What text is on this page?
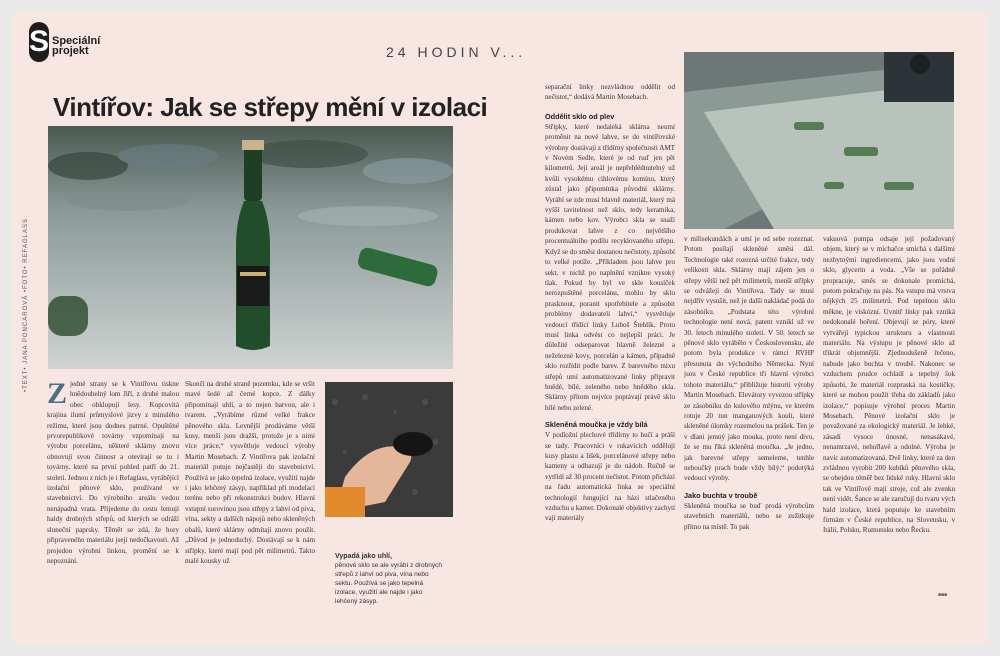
S Speciální projekt	24 HODIN V...
Vintířov: Jak se střepy mění v izolaci
•TEXT• JANA PONCAROVÁ •FOTO• REFAGLASS
Z jedné strany se k Vintířovu tiskne hnědouhelný lom Jiří, z druhé malou obec obklopují lesy. Kopcovitá krajina ilumí průmyslové jizvy z minulého režimu, které jsou dodnes patrné. Opuštěné prvorepublikové továrny vzpomínají na výrobu porcelánu, některé sklárny znovu obnovují svou činnost a otevírají se tu i továrny, které na první pohled patří do 21. století. Jednou z nich je i Refaglass, vyrábějící izolační pěnové sklo, používané ve stavebnictví. Do výrobního areálu vedou nenápadná vrata. Přijedeme do cestu lemují haldy drobných střepů, od kterých se odráží sluneční paprsky. Těmět se zdá, že hory připraveného materiálu jsejí nedočkavosti. Až projedou výrobní linkou, promění se k nepoznání.
Skončí na druhé straně pozemku, kde se vršit mavé šedé až černé kopce. Z dálky připomínají uhlí, a to nejen barvou, ale i tvarem. „Vyrábíme různé velké frakce pěnového skla. Levnější prodáváme větší kusy, menší jsou dražší, protože je s nimi více práce,“ vysvětluje vedoucí výroby Martin Mosebach. Z Vintířova pak izolační materiál putuje nejčastěji do stavebnictví. Používá se jako tepelná izolace, využití najde i jako lehčený zásyp, například při modelaci terénu nebo při rekonstrukci budov. Hlavní vstupní surovinou jsou střepy z lahví od piva, vína, sekty a dalších nápojů nebo skleněných obalů, které sklárny odmítají znovu použít. „Důvod je jednoduchý. Dostávají se k nám střípky, které mají pod pět milimetrů. Takto malé kousky už
Vypadá jako uhlí,
pěnové sklo se ale vyrábí z drobných střepů z lahví od piva, vína nebo sektu. Používá se jako tepelná izolace, využití ale najde i jako lehčený zásyp.
separační linky nezvládnou oddělit od nečistot,“ dodává Martin Mosebach.
Oddělit sklo od plev
Střípky, které nedaleká sklárna neumí proměnit na nové lahve, se do vintířovské výrobny dostávají z třídírny společnosti AMT v Novém Sedle, které je od ruď jen pět kilometrů. Její areál je nepřehlédnutelný už kvůli vysokému cihlovému komínu, který zůstal jako připomínka původní sklárny. Vyrábí se zde musí hlavně materiál, který má vyšší tavitelnost než sklo, tedy keramika, kámen nebo kov. Výrobci skla se snaží produkovat lahve z co největšího procentuálního podílu recyklovaného střepu. Když se do směsi dostanou nečistoty, způsobí to velké potíže. „Příkladem jsou lahve pro sekt, v nichž po naplnění vznikne vysoký tlak. Pokud by byl ve skle kousíček nerozpuštěné porcelánu, mohlo by sklo prasknout, poranit spotřebitele a způsobit problémy dodavateli lahví,“ vysvětluje vedoucí třídící linky Luboš Štehlík. Proto musí linka odvést co nejlepší práci. Je důležité odseparovat hlavně železné a neželezné kovy, porcelán a kámen, případně sklo rozřídit podle barev. Z barevného mixu střepů umí automatizované linky připravit hnědé, bílé, zeleného nebo hnědého skla. Sklárny přitom nejvíce poptávají právě sklo bílé nebo zelené.
Skleněná moučka je vždy bílá
V podložní plechové třídírny to hučí a práší se tady. Pracovníci v rukavicích oddělují kusy plastu a lišek, porcelánové střepy nebo kameny a odhazují je do nádob. Ručně se vytřídí až 30 procent nečistot. Potom přichází na řadu automatická linka se speciální technologií fungující na bázi stlačeného vzduchu a kamer. Dokonalé objektivy zachytí vají materiály
v milisekundách a umí je od sebe rozeznat. Potom posílají skleněné směsi dál. Technologie také rozezná určité frakce, tedy velikosti skla. Sklárny mají zájem jen o střepy větší než pět milimetrů, menší střípky se odvážejí do Vintířova. Tady se musí nejdřív vysušit, než je další nakládač podá do zásobníku. „Podstata této výrobní technologie není nová, patent vznikl už ve 30. letech minulého století. V 50. letech se pěnové sklo vyrábělo v Československu, ale potom byla produkce v rámci RVHP přesunuta do východního Německa. Nyní jsou v České republice tři hlavní výrobci tohoto materiálu,“ přibližuje historii výroby Martin Mosebach. Elevátory vyvezou střípky ze zásobníku do kulového mlýnu, ve kterém rotuje 20 tun manganových koulí, které skleněné úlomky rozemelou na prášek. Ten je v dlani jemný jako mouka, proto není divu, že se mu říká skleněná moučka. „Je jedno, jak barevné střepy semeleme, tenhle neboučký prach bude vždy bílý,“ podotýká vedoucí výroby.
Jako buchta v troubě
Skleněná moučka se buď prodá výrobcům stavebních materiálů, nebo se zužitkuje přímo na místě. To pak
vakuová pumpa odsaje její požadovaný objem, který se v míchačce smíchá s dalšími nezbytnými ingrediencemi, jako jsou vodní sklo, glycerin a voda. „Vše se pořádně propracuje, směs se dokonale promíchá, potom pokračuje na pás. Na vstupu má vrstva nějkých 25 milimetrů. Pod tepelnou sklo měkne, je viskózní. Uvnitř linky pak vzniká nedokonalé hoření. Objevují se póry, které vytvářejí typickou strukturu a vlastnosti materiálu. Na výstupu je pěnové sklo až třikrát objemnější. Zjednodušeně řečeno, nabude jako buchta v troubě. Nakonec se vzduchem prudce ochladí a tepelný šok způsobí, že materiál rozpraská na kostičky, které se mohou použít třeba do základů jako izolace,“ popisuje výrobní proces Martin Mosebach. Pěnové izolační sklo je považované za ekologický materiál. Je lehké, zásadí vysoce únosné, nenasákavé, nenamrzavé, nehořlavé a odolné. Výroba je navíc automatizovaná. Dvě linky, které za den zvládnou vyrobit 200 kubíků pěnového skla, se obejdou téměř bez lidské ruky. Hlavní sklo tak ve Vintířově mají stroje, což ale zvenku není vidět. Šance se ale zaručují do tvaru vých hald izolace, která poputuje ke stavebním firmám v České republice, na Slovensku, v Itálii, Polsku, Rumunsku nebo Řecku.
■■■
